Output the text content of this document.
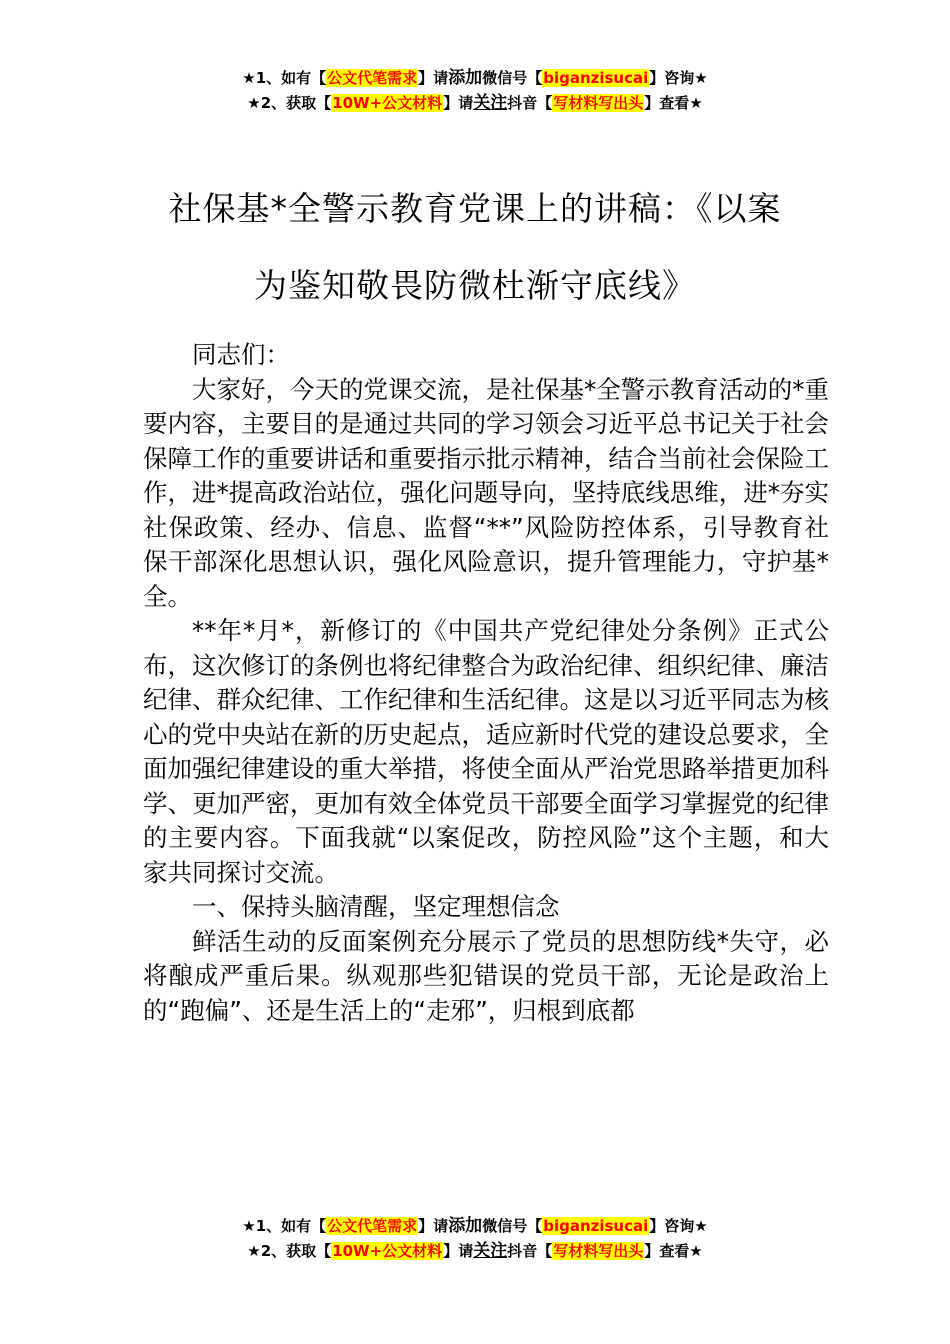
★1、如有【公文代笔需求】请添加微信号【biganzisucai】咨询★
★2、获取【10W+公文材料】请关注抖音【写材料写出头】查看★
社保基*全警示教育党课上的讲稿：《以案
为鉴知敬畏防微杜渐守底线》

同志们：

大家好，今天的党课交流，是社保基*全警示教育活动的*重要内容，主要目的是通过共同的学习领会习近平总书记关于社会保障工作的重要讲话和重要指示批示精神，结合当前社会保险工作，进*提高政治站位，强化问题导向，坚持底线思维，进*夯实社保政策、经办、信息、监督“**”风险防控体系，引导教育社保干部深化思想认识，强化风险意识，提升管理能力，守护基*全。

**年*月*，新修订的《中国共产党纪律处分条例》正式公布，这次修订的条例也将纪律整合为政治纪律、组织纪律、廉洁纪律、群众纪律、工作纪律和生活纪律。这是以习近平同志为核心的党中央站在新的历史起点，适应新时代党的建设总要求，全面加强纪律建设的重大举措，将使全面从严治党思路举措更加科学、更加严密，更加有效全体党员干部要全面学习掌握党的纪律的主要内容。下面我就“以案促改，防控风险”这个主题，和大家共同探讨交流。

一、保持头脑清醒，坚定理想信念

鲜活生动的反面案例充分展示了党员的思想防线*失守，必将酿成严重后果。纵观那些犯错误的党员干部，无论是政治上的“跑偏”、还是生活上的“走邪”，归根到底都

★1、如有【公文代笔需求】请添加微信号【biganzisucai】咨询★
★2、获取【10W+公文材料】请关注抖音【写材料写出头】查看★
